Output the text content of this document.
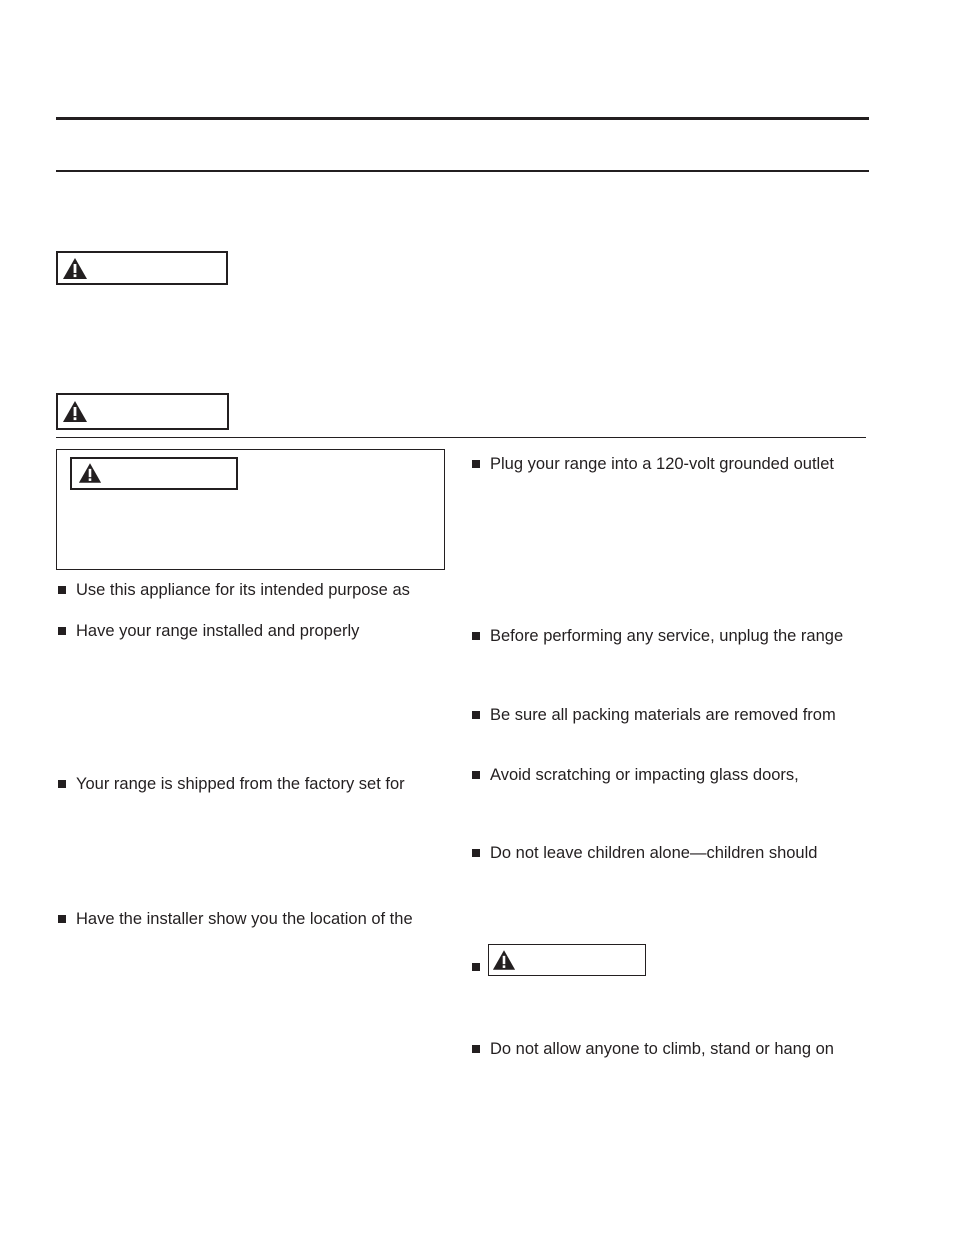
Use this appliance for its intended purpose as
Have your range installed and properly
Your range is shipped from the factory set for
Have the installer show you the location of the
Plug your range into a 120-volt grounded outlet
Before performing any service, unplug the range
Be sure all packing materials are removed from
Avoid scratching or impacting glass doors,
Do not leave children alone—children should
Do not allow anyone to climb, stand or hang on
